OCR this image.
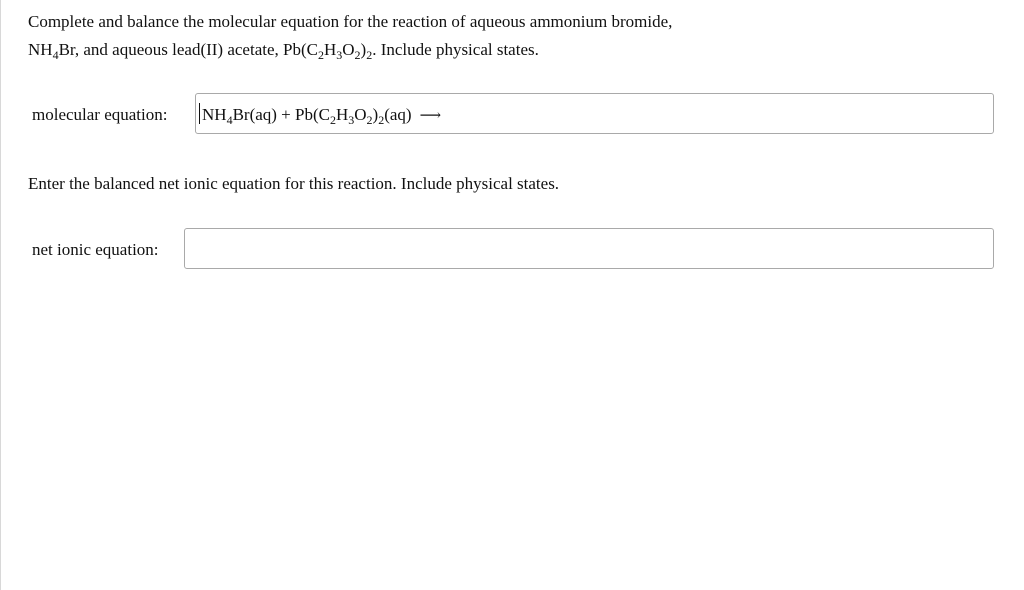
Complete and balance the molecular equation for the reaction of aqueous ammonium bromide,
$NH_4Br$, and aqueous lead(II) acetate, $Pb(C_2H_3O_2)_2$. Include physical states.
molecular equation: $NH_4Br(aq) + Pb(C_2H_3O_2)_2(aq)$ ⟶
Enter the balanced net ionic equation for this reaction. Include physical states.
net ionic equation:
